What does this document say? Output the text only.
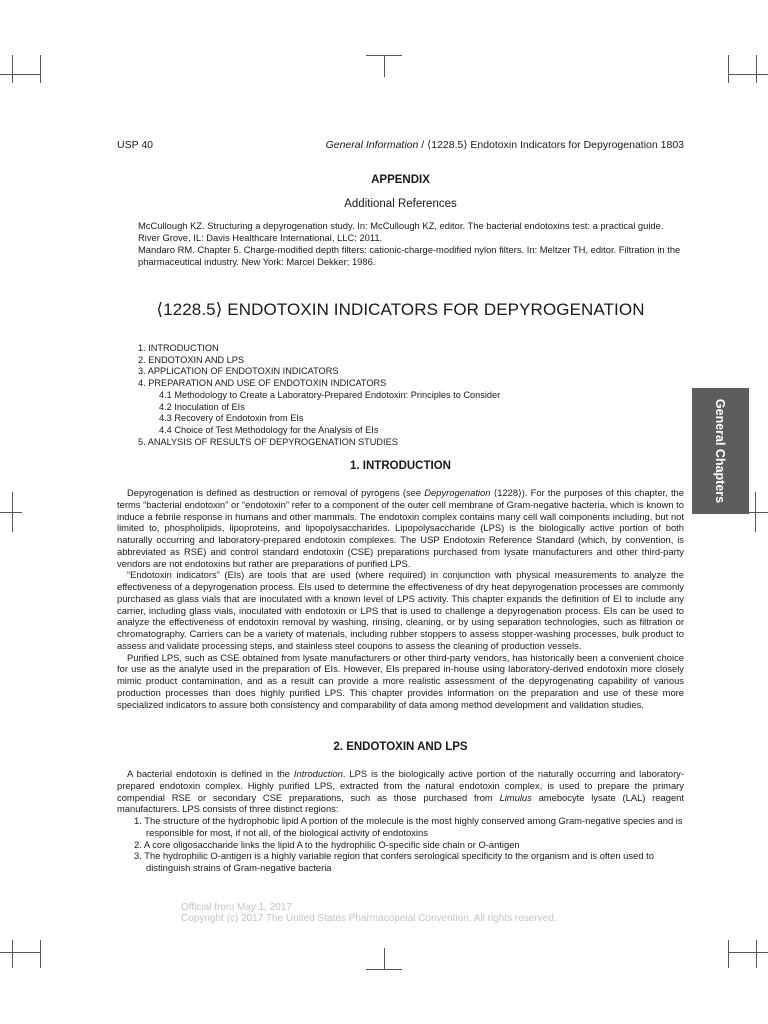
USP 40	General Information / ⟨1228.5⟩ Endotoxin Indicators for Depyrogenation 1803
APPENDIX
Additional References

McCullough KZ. Structuring a depyrogenation study. In: McCullough KZ, editor. The bacterial endotoxins test: a practical guide. River Grove, IL: Davis Healthcare International, LLC: 2011.

Mandaro RM. Chapter 5. Charge-modified depth filters: cationic-charge-modified nylon filters. In: Meltzer TH, editor. Filtration in the pharmaceutical industry. New York: Marcel Dekker; 1986.

⟨1228.5⟩ ENDOTOXIN INDICATORS FOR DEPYROGENATION
1. INTRODUCTION
2. ENDOTOXIN AND LPS
3. APPLICATION OF ENDOTOXIN INDICATORS
4. PREPARATION AND USE OF ENDOTOXIN INDICATORS
4.1 Methodology to Create a Laboratory-Prepared Endotoxin: Principles to Consider
4.2 Inoculation of EIs
4.3 Recovery of Endotoxin from EIs
4.4 Choice of Test Methodology for the Analysis of EIs
5. ANALYSIS OF RESULTS OF DEPYROGENATION STUDIES
1. INTRODUCTION

Depyrogenation is defined as destruction or removal of pyrogens (see Depyrogenation ⟨1228⟩). For the purposes of this chapter, the terms “bacterial endotoxin” or “endotoxin” refer to a component of the outer cell membrane of Gram-negative bacteria, which is known to induce a febrile response in humans and other mammals. The endotoxin complex contains many cell wall components including, but not limited to, phospholipids, lipoproteins, and lipopolysaccharides. Lipopolysaccharide (LPS) is the biologically active portion of both naturally occurring and laboratory-prepared endotoxin complexes. The USP Endotoxin Reference Standard (which, by convention, is abbreviated as RSE) and control standard endotoxin (CSE) preparations purchased from lysate manufacturers and other third-party vendors are not endotoxins but rather are preparations of purified LPS.

“Endotoxin indicators” (EIs) are tools that are used (where required) in conjunction with physical measurements to analyze the effectiveness of a depyrogenation process. EIs used to determine the effectiveness of dry heat depyrogenation processes are commonly purchased as glass vials that are inoculated with a known level of LPS activity. This chapter expands the definition of EI to include any carrier, including glass vials, inoculated with endotoxin or LPS that is used to challenge a depyrogenation process. EIs can be used to analyze the effectiveness of endotoxin removal by washing, rinsing, cleaning, or by using separation technologies, such as filtration or chromatography. Carriers can be a variety of materials, including rubber stoppers to assess stopper-washing processes, bulk product to assess and validate processing steps, and stainless steel coupons to assess the cleaning of production vessels.

Purified LPS, such as CSE obtained from lysate manufacturers or other third-party vendors, has historically been a convenient choice for use as the analyte used in the preparation of EIs. However, EIs prepared in-house using laboratory-derived endotoxin more closely mimic product contamination, and as a result can provide a more realistic assessment of the depyrogenating capability of various production processes than does highly purified LPS. This chapter provides information on the preparation and use of these more specialized indicators to assure both consistency and comparability of data among method development and validation studies.

2. ENDOTOXIN AND LPS

A bacterial endotoxin is defined in the Introduction. LPS is the biologically active portion of the naturally occurring and laboratory-prepared endotoxin complex. Highly purified LPS, extracted from the natural endotoxin complex, is used to prepare the primary compendial RSE or secondary CSE preparations, such as those purchased from Limulus amebocyte lysate (LAL) reagent manufacturers. LPS consists of three distinct regions:

1. The structure of the hydrophobic lipid A portion of the molecule is the most highly conserved among Gram-negative species and is responsible for most, if not all, of the biological activity of endotoxins
2. A core oligosaccharide links the lipid A to the hydrophilic O-specific side chain or O-antigen
3. The hydrophilic O-antigen is a highly variable region that confers serological specificity to the organism and is often used to distinguish strains of Gram-negative bacteria
General Chapters
Official from May 1, 2017
Copyright (c) 2017 The United States Pharmacopeial Convention. All rights reserved.
